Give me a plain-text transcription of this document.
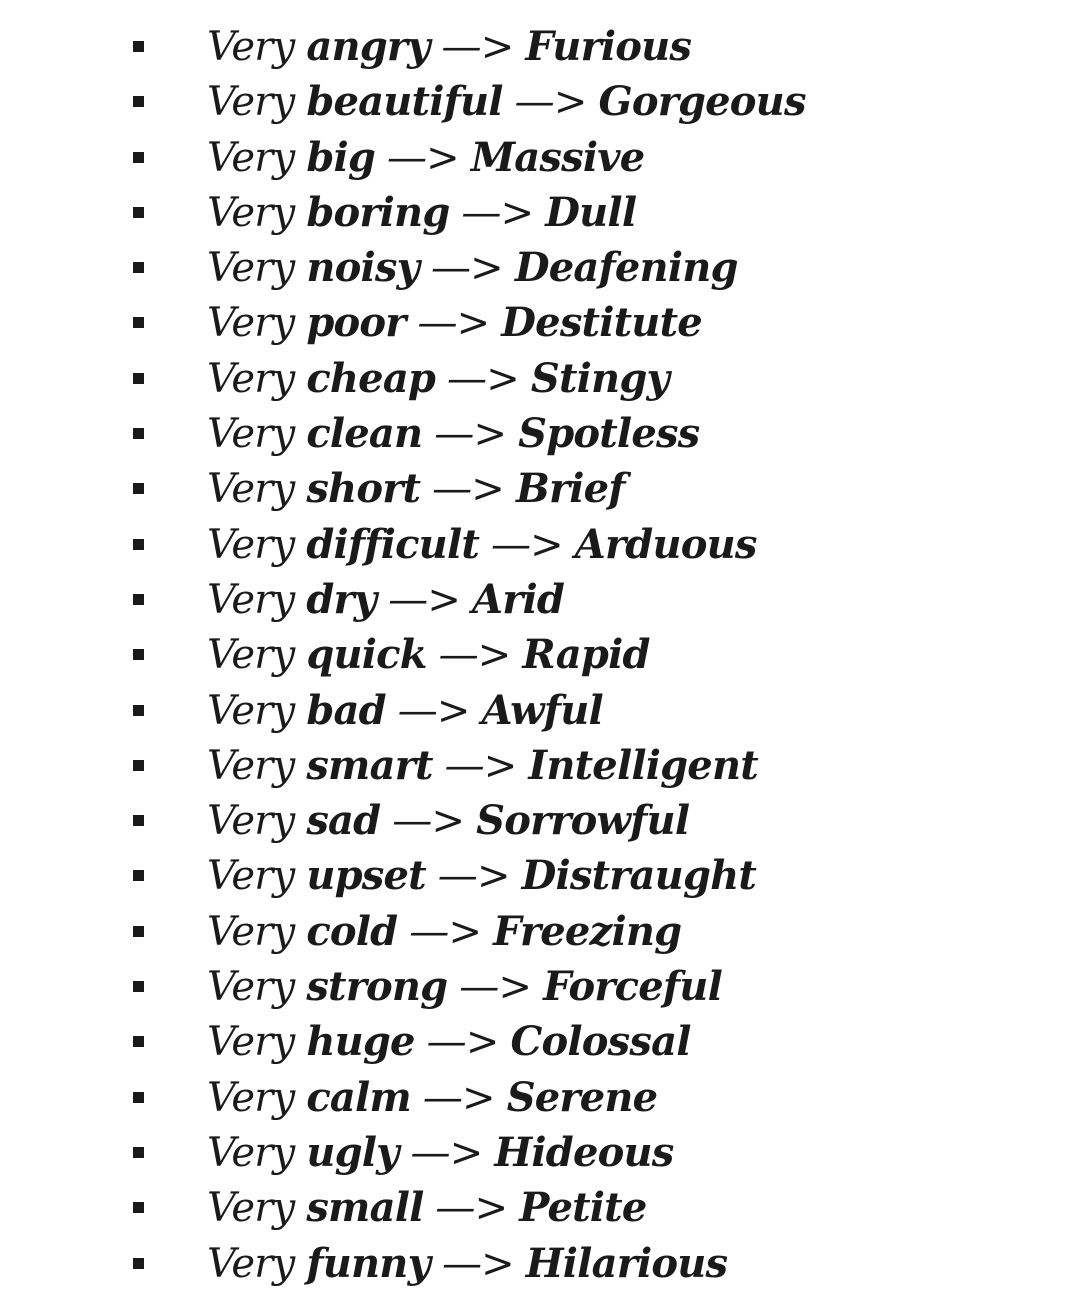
Very angry —> Furious
Very beautiful —> Gorgeous
Very big —> Massive
Very boring —> Dull
Very noisy —> Deafening
Very poor —> Destitute
Very cheap —> Stingy
Very clean —> Spotless
Very short —> Brief
Very difficult —> Arduous
Very dry —> Arid
Very quick —> Rapid
Very bad —> Awful
Very smart —> Intelligent
Very sad —> Sorrowful
Very upset —> Distraught
Very cold —> Freezing
Very strong —> Forceful
Very huge —> Colossal
Very calm —> Serene
Very ugly —> Hideous
Very small —> Petite
Very funny —> Hilarious
